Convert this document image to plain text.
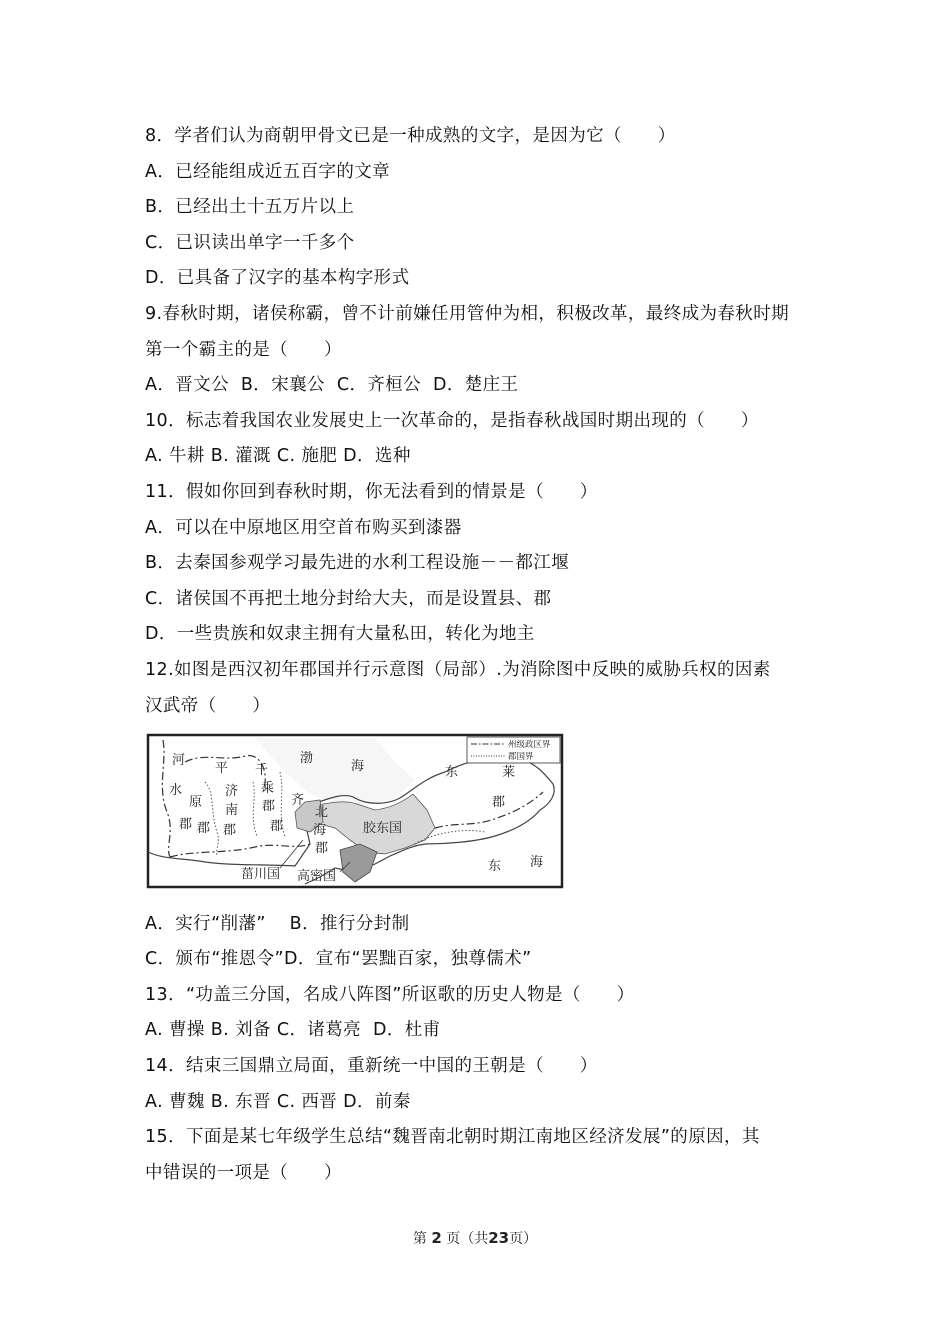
8．学者们认为商朝甲骨文已是一种成熟的文字，是因为它（　　）
A．已经能组成近五百字的文章
B．已经出土十五万片以上
C．已识读出单字一千多个
D．已具备了汉字的基本构字形式
9.春秋时期，诸侯称霸，曾不计前嫌任用管仲为相，积极改革，最终成为春秋时期
第一个霸主的是（　　）
A．晋文公  B．宋襄公  C．齐桓公  D．楚庄王
10．标志着我国农业发展史上一次革命的，是指春秋战国时期出现的（　　）
A. 牛耕 B. 灌溉 C. 施肥 D．选种
11．假如你回到春秋时期，你无法看到的情景是（　　）
A．可以在中原地区用空首布购买到漆器
B．去秦国参观学习最先进的水利工程设施－－都江堰
C．诸侯国不再把土地分封给大夫，而是设置县、郡
D．一些贵族和奴隶主拥有大量私田，转化为地主
12.如图是西汉初年郡国并行示意图（局部）.为消除图中反映的威胁兵权的因素
汉武帝（　　）
州级政区界
郡国界
河
水
郡
平
原
郡
千
乘
郡
济
南
郡
齐
郡
北
海
郡
渤
海
胶东国
东	莱
郡
东 海
菑川国 高密国
A．实行“削藩”　 B．推行分封制
C．颁布“推恩令”D．宣布“罢黜百家，独尊儒术”
13．“功盖三分国，名成八阵图”所讴歌的历史人物是（　　）
A. 曹操 B. 刘备 C．诸葛亮  D．杜甫
14．结束三国鼎立局面，重新统一中国的王朝是（　　）
A. 曹魏 B. 东晋 C. 西晋 D．前秦
15．下面是某七年级学生总结“魏晋南北朝时期江南地区经济发展”的原因，其
中错误的一项是（　　）
第 2 页（共23页）
